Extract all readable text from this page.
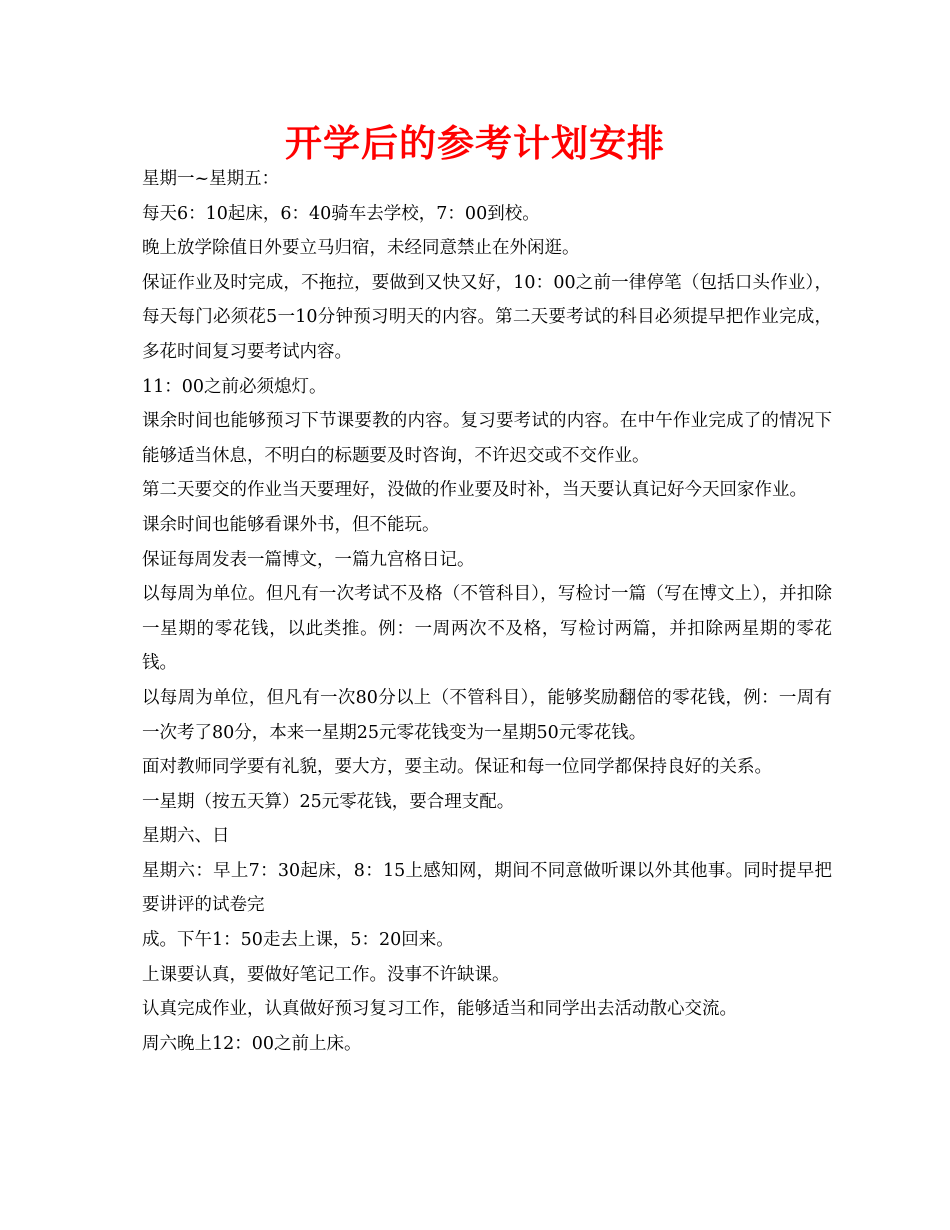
开学后的参考计划安排

星期一~星期五：

每天6：10起床，6：40骑车去学校，7：00到校。

晚上放学除值日外要立马归宿，未经同意禁止在外闲逛。

保证作业及时完成，不拖拉，要做到又快又好，10：00之前一律停笔（包括口头作业），每天每门必须花5一10分钟预习明天的内容。第二天要考试的科目必须提早把作业完成，多花时间复习要考试内容。

11：00之前必须熄灯。

课余时间也能够预习下节课要教的内容。复习要考试的内容。在中午作业完成了的情况下能够适当休息，不明白的标题要及时咨询，不许迟交或不交作业。

第二天要交的作业当天要理好，没做的作业要及时补，当天要认真记好今天回家作业。

课余时间也能够看课外书，但不能玩。

保证每周发表一篇博文，一篇九宫格日记。

以每周为单位。但凡有一次考试不及格（不管科目），写检讨一篇（写在博文上），并扣除一星期的零花钱，以此类推。例：一周两次不及格，写检讨两篇，并扣除两星期的零花钱。

以每周为单位，但凡有一次80分以上（不管科目），能够奖励翻倍的零花钱，例：一周有一次考了80分，本来一星期25元零花钱变为一星期50元零花钱。

面对教师同学要有礼貌，要大方，要主动。保证和每一位同学都保持良好的关系。

一星期（按五天算）25元零花钱，要合理支配。

星期六、日

星期六：早上7：30起床，8：15上感知网，期间不同意做听课以外其他事。同时提早把要讲评的试卷完

成。下午1：50走去上课，5：20回来。

上课要认真，要做好笔记工作。没事不许缺课。

认真完成作业，认真做好预习复习工作，能够适当和同学出去活动散心交流。

周六晚上12：00之前上床。
